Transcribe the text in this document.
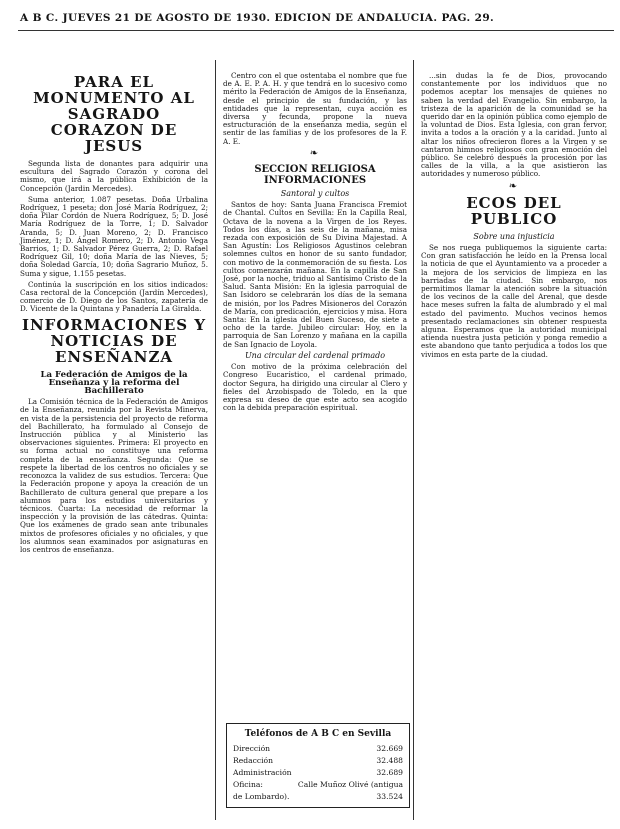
A B C. JUEVES 21 DE AGOSTO DE 1930. EDICION DE ANDALUCIA. PAG. 29.
PARA EL MONUMENTO AL SAGRADO CORAZON DE JESUS

Segunda lista de donantes para adquirir una escultura del Sagrado Corazón y corona del mismo, que irá a la pública Exhibición de la Concepción (Jardin Mercedes).

Suma anterior, 1.087 pesetas. Doña Urbalina Rodríguez, 1 peseta; don José María Rodríguez, 2; doña Pilar Cordón de Nuera Rodríguez, 5; D. José María Rodríguez de la Torre, 1; D. Salvador Aranda, 5; D. Juan Moreno, 2; D. Francisco Jiménez, 1; D. Ángel Romero, 2; D. Antonio Vega Barrios, 1; D. Salvador Pérez Guerra, 2; D. Rafael Rodríguez Gil, 10; doña María de las Nieves, 5; doña Soledad García, 10; doña Sagrario Muñoz, 5. Suma y sigue, 1.155 pesetas.

Continúa la suscripción en los sitios indicados: Casa rectoral de la Concepción (Jardín Mercedes), comercio de D. Diego de los Santos, zapatería de D. Vicente de la Quintana y Panadería La Giralda.

INFORMACIONES Y NOTICIAS DE ENSEÑANZA
La Federación de Amigos de la Enseñanza y la reforma del Bachillerato

La Comisión técnica de la Federación de Amigos de la Enseñanza, reunida por la Revista Minerva, en vista de la persistencia del proyecto de reforma del Bachillerato, ha formulado al Consejo de Instrucción pública y al Ministerio las observaciones siguientes. Primera: El proyecto en su forma actual no constituye una reforma completa de la enseñanza. Segunda: Que se respete la libertad de los centros no oficiales y se reconozca la validez de sus estudios. Tercera: Que la Federación propone y apoya la creación de un Bachillerato de cultura general que prepare a los alumnos para los estudios universitarios y técnicos. Cuarta: La necesidad de reformar la inspección y la provisión de las cátedras. Quinta: Que los exámenes de grado sean ante tribunales mixtos de profesores oficiales y no oficiales, y que los alumnos sean examinados por asignaturas en los centros de enseñanza.

Centro con el que ostentaba el nombre que fue de A. E. P. A. H. y que tendrá en lo sucesivo como mérito la Federación de Amigos de la Enseñanza, desde el principio de su fundación, y las entidades que la representan, cuya acción es diversa y fecunda, propone la nueva estructuración de la enseñanza media, según el sentir de las familias y de los profesores de la F. A. E.

❧
SECCION RELIGIOSA INFORMACIONES
Santoral y cultos

Santos de hoy: Santa Juana Francisca Fremiot de Chantal. Cultos en Sevilla: En la Capilla Real, Octava de la novena a la Virgen de los Reyes. Todos los días, a las seis de la mañana, misa rezada con exposición de Su Divina Majestad. A San Agustín: Los Religiosos Agustinos celebran solemnes cultos en honor de su santo fundador, con motivo de la conmemoración de su fiesta. Los cultos comenzarán mañana. En la capilla de San José, por la noche, triduo al Santísimo Cristo de la Salud. Santa Misión: En la iglesia parroquial de San Isidoro se celebrarán los días de la semana de misión, por los Padres Misioneros del Corazón de María, con predicación, ejercicios y misa. Hora Santa: En la iglesia del Buen Suceso, de siete a ocho de la tarde. Jubileo circular: Hoy, en la parroquia de San Lorenzo y mañana en la capilla de San Ignacio de Loyola.

Una circular del cardenal primado

Con motivo de la próxima celebración del Congreso Eucarístico, el cardenal primado, doctor Segura, ha dirigido una circular al Clero y fieles del Arzobispado de Toledo, en la que expresa su deseo de que este acto sea acogido con la debida preparación espiritual.

Teléfonos de A B C en Sevilla
Dirección	32.669
Redacción	32.488
Administración	32.689
Oficina:	Calle Muñoz Olivé (antigua
de Lombardo).	33.524

...sin dudas la fe de Dios, provocando constantemente por los individuos que no podemos aceptar los mensajes de quienes no saben la verdad del Evangelio. Sin embargo, la tristeza de la aparición de la comunidad se ha querido dar en la opinión pública como ejemplo de la voluntad de Dios. Esta Iglesia, con gran fervor, invita a todos a la oración y a la caridad. Junto al altar los niños ofrecieron flores a la Virgen y se cantaron himnos religiosos con gran emoción del público. Se celebró después la procesión por las calles de la villa, a la que asistieron las autoridades y numeroso público.

❧
ECOS DEL PUBLICO
Sobre una injusticia

Se nos ruega publiquemos la siguiente carta: Con gran satisfacción he leído en la Prensa local la noticia de que el Ayuntamiento va a proceder a la mejora de los servicios de limpieza en las barriadas de la ciudad. Sin embargo, nos permitimos llamar la atención sobre la situación de los vecinos de la calle del Arenal, que desde hace meses sufren la falta de alumbrado y el mal estado del pavimento. Muchos vecinos hemos presentado reclamaciones sin obtener respuesta alguna. Esperamos que la autoridad municipal atienda nuestra justa petición y ponga remedio a este abandono que tanto perjudica a todos los que vivimos en esta parte de la ciudad.
